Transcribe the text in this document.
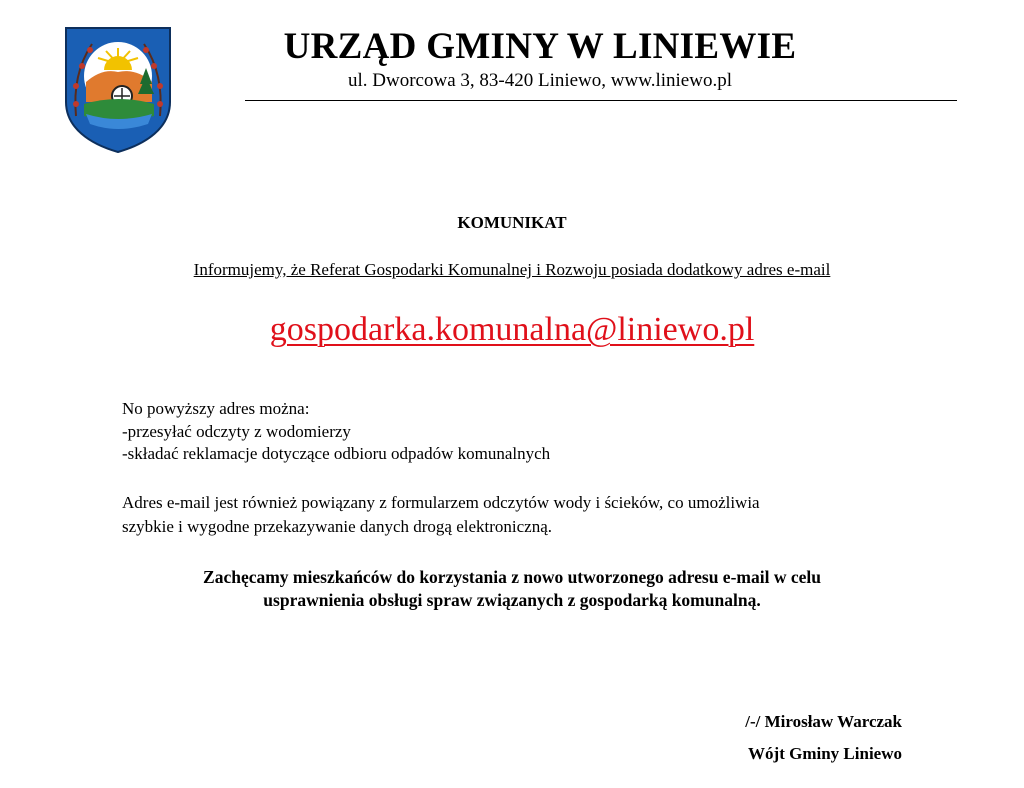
URZĄD GMINY W LINIEWIE
ul. Dworcowa 3, 83-420 Liniewo, www.liniewo.pl
KOMUNIKAT
Informujemy, że Referat Gospodarki Komunalnej i Rozwoju posiada dodatkowy adres e-mail
gospodarka.komunalna@liniewo.pl
No powyższy adres można:
-przesyłać odczyty z wodomierzy
-składać reklamacje dotyczące odbioru odpadów komunalnych
Adres e-mail jest również powiązany z formularzem odczytów wody i ścieków, co umożliwia
szybkie i wygodne przekazywanie danych drogą elektroniczną.
Zachęcamy mieszkańców do korzystania z nowo utworzonego adresu e-mail w celu
usprawnienia obsługi spraw związanych z gospodarką komunalną.
/-/ Mirosław Warczak
Wójt Gminy Liniewo
